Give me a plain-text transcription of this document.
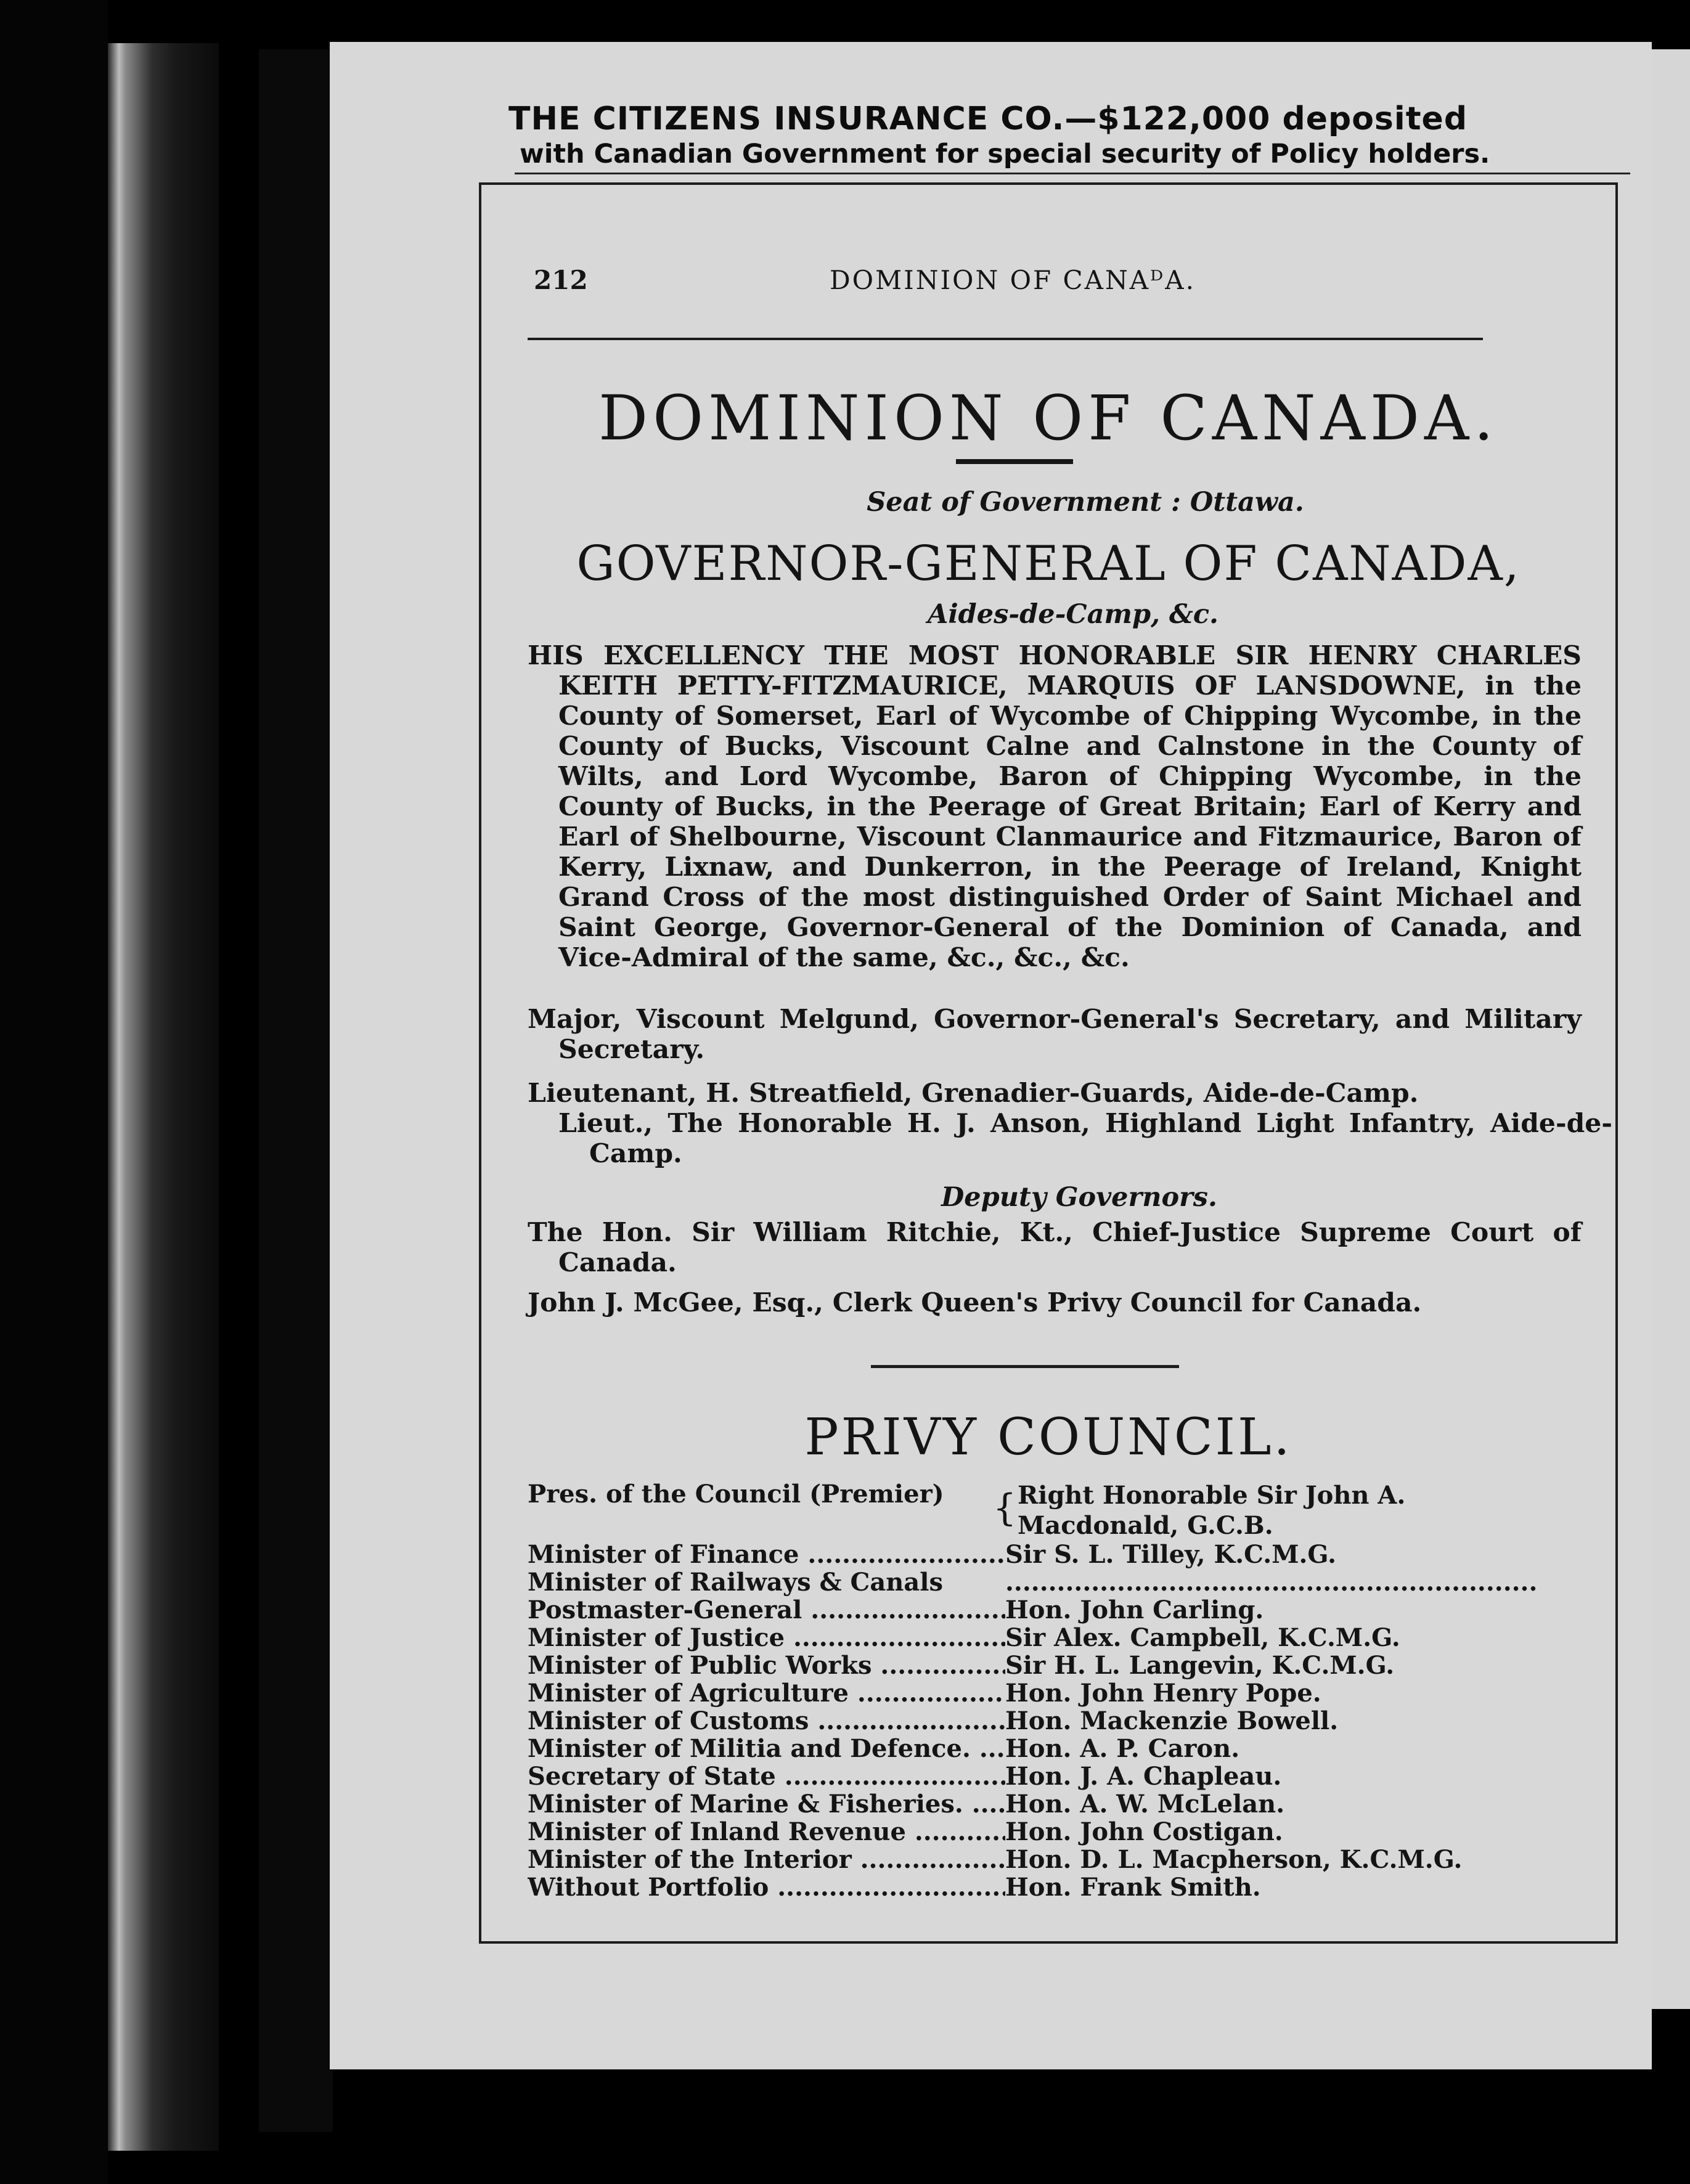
THE CITIZENS INSURANCE CO.—$122,000 deposited
with Canadian Government for special security of Policy holders.
212	DOMINION OF CANAᴰA.
DOMINION OF CANADA.
Seat of Government : Ottawa.
GOVERNOR-GENERAL OF CANADA,
Aides-de-Camp, &c.
HIS EXCELLENCY THE MOST HONORABLE SIR HENRY CHARLES KEITH PETTY-FITZMAURICE, MARQUIS OF LANSDOWNE, in the County of Somerset, Earl of Wycombe of Chipping Wycombe, in the County of Bucks, Viscount Calne and Calnstone in the County of Wilts, and Lord Wycombe, Baron of Chipping Wycombe, in the County of Bucks, in the Peerage of Great Britain; Earl of Kerry and Earl of Shelbourne, Viscount Clanmaurice and Fitzmaurice, Baron of Kerry, Lixnaw, and Dunkerron, in the Peerage of Ireland, Knight Grand Cross of the most distinguished Order of Saint Michael and Saint George, Governor-General of the Dominion of Canada, and Vice-Admiral of the same, &c., &c., &c.
Major, Viscount Melgund, Governor-General's Secretary, and Military Secretary.
Lieutenant, H. Streatfield, Grenadier-Guards, Aide-de-Camp.
Lieut., The Honorable H. J. Anson, Highland Light Infantry, Aide-de-Camp.
Deputy Governors.
The Hon. Sir William Ritchie, Kt., Chief-Justice Supreme Court of Canada.
John J. McGee, Esq., Clerk Queen's Privy Council for Canada.
PRIVY COUNCIL.
Pres. of the Council (Premier)	{ Right Honorable Sir John A. Macdonald, G.C.B.
Minister of Finance .....	Sir S. L. Tilley, K.C.M.G.
Minister of Railways & Canals
.....
Postmaster-General .....	Hon. John Carling.
Minister of Justice .....	Sir Alex. Campbell, K.C.M.G.
Minister of Public Works .....	Sir H. L. Langevin, K.C.M.G.
Minister of Agriculture .....	Hon. John Henry Pope.
Minister of Customs .....	Hon. Mackenzie Bowell.
Minister of Militia and Defence. .....	Hon. A. P. Caron.
Secretary of State .....	Hon. J. A. Chapleau.
Minister of Marine & Fisheries. .....	Hon. A. W. McLelan.
Minister of Inland Revenue .....	Hon. John Costigan.
Minister of the Interior .....	Hon. D. L. Macpherson, K.C.M.G.
Without Portfolio .....	Hon. Frank Smith.
